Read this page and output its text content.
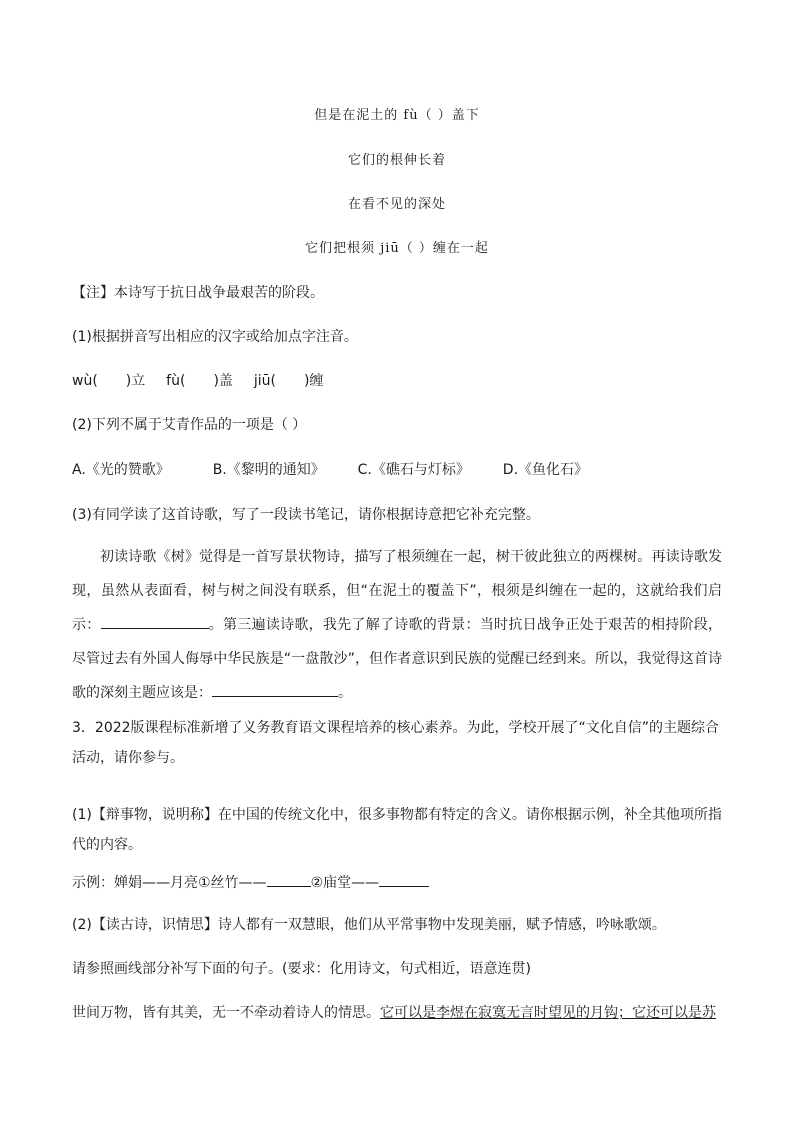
但是在泥土的 fù（ ）盖下
它们的根伸长着
在看不见的深处
它们把根须 jiū（ ）缠在一起
【注】本诗写于抗日战争最艰苦的阶段。
(1)根据拼音写出相应的汉字或给加点字注音。
wù( )立 fù( )盖 jiū( )缠
(2)下列不属于艾青作品的一项是（ ）
A.《光的赞歌》	B.《黎明的通知》 C.《礁石与灯标》 D.《鱼化石》
(3)有同学读了这首诗歌，写了一段读书笔记，请你根据诗意把它补充完整。
初读诗歌《树》觉得是一首写景状物诗，描写了根须缠在一起，树干彼此独立的两棵树。再读诗歌发现，虽然从表面看，树与树之间没有联系，但“在泥土的覆盖下”，根须是纠缠在一起的，这就给我们启示：	。第三遍读诗歌，我先了解了诗歌的背景：当时抗日战争正处于艰苦的相持阶段，尽管过去有外国人侮辱中华民族是“一盘散沙”，但作者意识到民族的觉醒已经到来。所以，我觉得这首诗歌的深刻主题应该是：	。
3．2022版课程标准新增了义务教育语文课程培养的核心素养。为此，学校开展了“文化自信”的主题综合活动，请你参与。
(1)【辩事物，说明称】在中国的传统文化中，很多事物都有特定的含义。请你根据示例，补全其他项所指代的内容。
示例：婵娟——月亮①丝竹——	②庙堂——
(2)【读古诗，识情思】诗人都有一双慧眼，他们从平常事物中发现美丽，赋予情感，吟咏歌颂。
请参照画线部分补写下面的句子。(要求：化用诗文，句式相近，语意连贯)
世间万物，皆有其美，无一不牵动着诗人的情思。它可以是李煜在寂寞无言时望见的月钩；它还可以是苏
